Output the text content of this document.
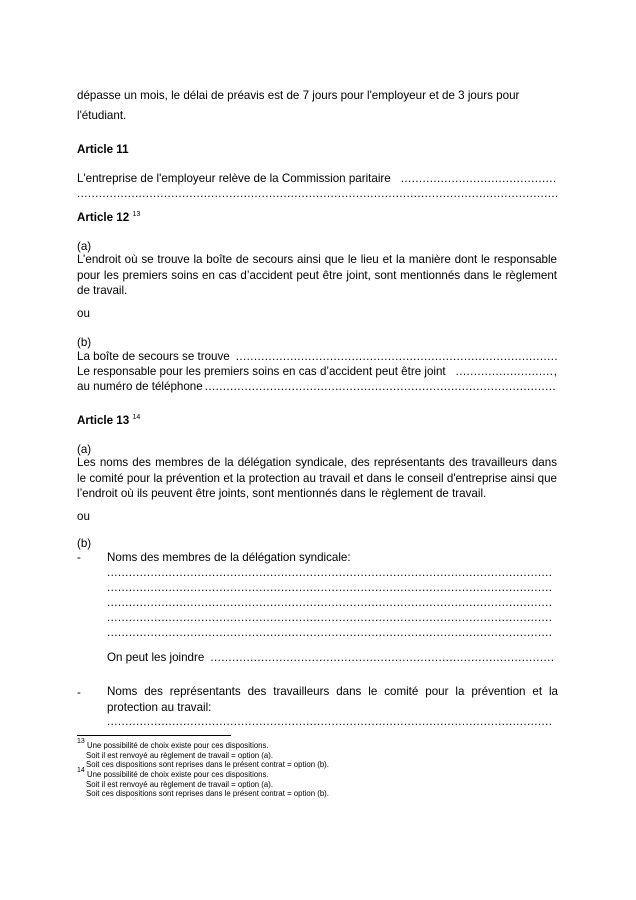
dépasse un mois, le délai de préavis est de 7 jours pour l'employeur et de 3 jours pour
l'étudiant.
Article 11
L'entreprise de l'employeur relève de la Commission paritaire
.....
.....
Article 12 $^{13}$
(a)
L’endroit où se trouve la boîte de secours ainsi que le lieu et la manière dont le responsable pour les premiers soins en cas d’accident peut être joint, sont mentionnés dans le règlement de travail.
ou
(b)
La boîte de secours se trouve
.....
Le responsable pour les premiers soins en cas d’accident peut être joint
.....	,
au numéro de téléphone
.....
Article 13 $^{14}$
(a)
Les noms des membres de la délégation syndicale, des représentants des travailleurs dans le comité pour la prévention et la protection au travail et dans le conseil d'entreprise ainsi que l’endroit où ils peuvent être joints, sont mentionnés dans le règlement de travail.
ou
(b)
- Noms des membres de la délégation syndicale:
.....
.....
.....
.....
.....
On peut les joindre
.....
- Noms des représentants des travailleurs dans le comité pour la prévention et la protection au travail:
.....
$^{13}$ Une possibilité de choix existe pour ces dispositions.
Soit il est renvoyé au règlement de travail = option (a).
Soit ces dispositions sont reprises dans le présent contrat = option (b).
$^{14}$ Une possibilité de choix existe pour ces dispositions.
Soit il est renvoyé au règlement de travail = option (a).
Soit ces dispositions sont reprises dans le présent contrat = option (b).
